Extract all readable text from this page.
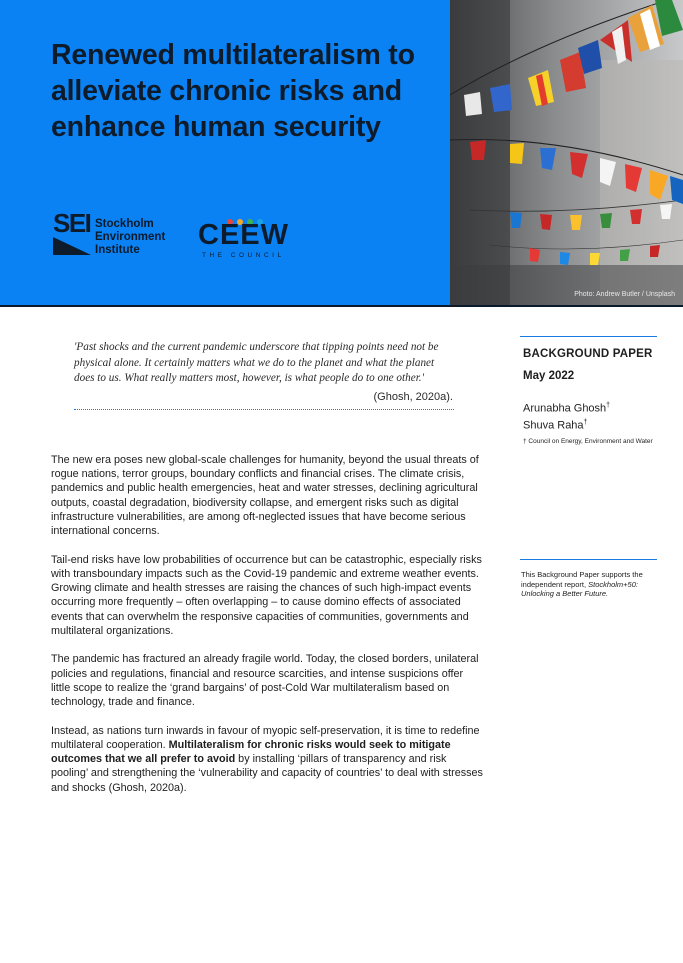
Renewed multilateralism to alleviate chronic risks and enhance human security
SEI Stockholm
Environment
Institute	CEEW
THE COUNCIL
Photo: Andrew Butler / Unsplash

'Past shocks and the current pandemic underscore that tipping points need not be physical alone. It certainly matters what we do to the planet and what the planet does to us. What really matters most, however, is what people do to one other.'

(Ghosh, 2020a).

The new era poses new global-scale challenges for humanity, beyond the usual threats of rogue nations, terror groups, boundary conflicts and financial crises. The climate crisis, pandemics and public health emergencies, heat and water stresses, declining agricultural outputs, coastal degradation, biodiversity collapse, and emergent risks such as digital infrastructure vulnerabilities, are among oft-neglected issues that have become serious international concerns.

Tail-end risks have low probabilities of occurrence but can be catastrophic, especially risks with transboundary impacts such as the Covid-19 pandemic and extreme weather events. Growing climate and health stresses are raising the chances of such high-impact events occurring more frequently – often overlapping – to cause domino effects of associated events that can overwhelm the responsive capacities of communities, governments and multilateral organizations.

The pandemic has fractured an already fragile world. Today, the closed borders, unilateral policies and regulations, financial and resource scarcities, and intense suspicions offer little scope to realize the ‘grand bargains’ of post-Cold War multilateralism based on technology, trade and finance.

Instead, as nations turn inwards in favour of myopic self-preservation, it is time to redefine multilateral cooperation. Multilateralism for chronic risks would seek to mitigate outcomes that we all prefer to avoid by installing ‘pillars of transparency and risk pooling’ and strengthening the ‘vulnerability and capacity of countries’ to deal with stresses and shocks (Ghosh, 2020a).

BACKGROUND PAPER
May 2022
Arunabha Ghosh†
Shuva Raha†
† Council on Energy, Environment and Water
This Background Paper supports the independent report, Stockholm+50: Unlocking a Better Future.
